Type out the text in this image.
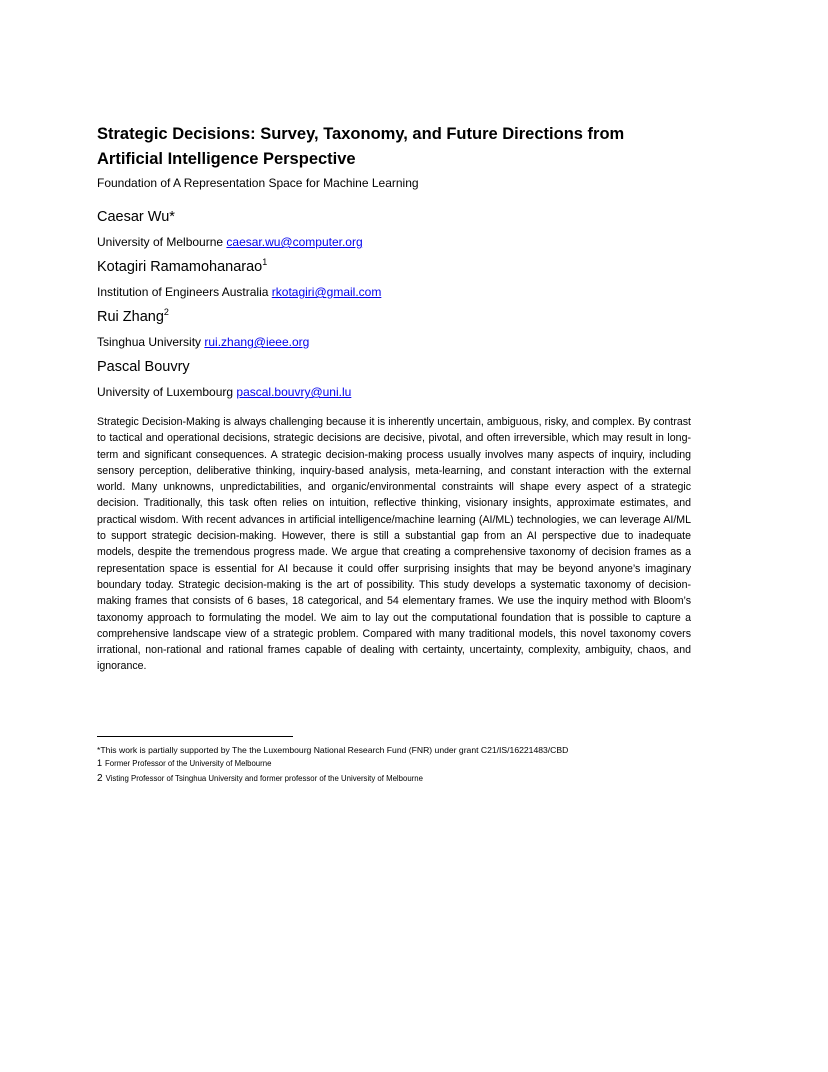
Strategic Decisions: Survey, Taxonomy, and Future Directions from Artificial Intelligence Perspective
Foundation of A Representation Space for Machine Learning

Caesar Wu*

University of Melbourne caesar.wu@computer.org

Kotagiri Ramamohanarao$^1$

Institution of Engineers Australia rkotagiri@gmail.com

Rui Zhang$^2$

Tsinghua University rui.zhang@ieee.org

Pascal Bouvry

University of Luxembourg pascal.bouvry@uni.lu
Strategic Decision-Making is always challenging because it is inherently uncertain, ambiguous, risky, and complex. By contrast to tactical and operational decisions, strategic decisions are decisive, pivotal, and often irreversible, which may result in long-term and significant consequences. A strategic decision-making process usually involves many aspects of inquiry, including sensory perception, deliberative thinking, inquiry-based analysis, meta-learning, and constant interaction with the external world. Many unknowns, unpredictabilities, and organic/environmental constraints will shape every aspect of a strategic decision. Traditionally, this task often relies on intuition, reflective thinking, visionary insights, approximate estimates, and practical wisdom. With recent advances in artificial intelligence/machine learning (AI/ML) technologies, we can leverage AI/ML to support strategic decision-making. However, there is still a substantial gap from an AI perspective due to inadequate models, despite the tremendous progress made. We argue that creating a comprehensive taxonomy of decision frames as a representation space is essential for AI because it could offer surprising insights that may be beyond anyone’s imaginary boundary today. Strategic decision-making is the art of possibility. This study develops a systematic taxonomy of decision-making frames that consists of 6 bases, 18 categorical, and 54 elementary frames. We use the inquiry method with Bloom’s taxonomy approach to formulating the model. We aim to lay out the computational foundation that is possible to capture a comprehensive landscape view of a strategic problem. Compared with many traditional models, this novel taxonomy covers irrational, non-rational and rational frames capable of dealing with certainty, uncertainty, complexity, ambiguity, chaos, and ignorance.
*This work is partially supported by The the Luxembourg National Research Fund (FNR) under grant C21/IS/16221483/CBD
1 Former Professor of the University of Melbourne
2 Visting Professor of Tsinghua University and former professor of the University of Melbourne
